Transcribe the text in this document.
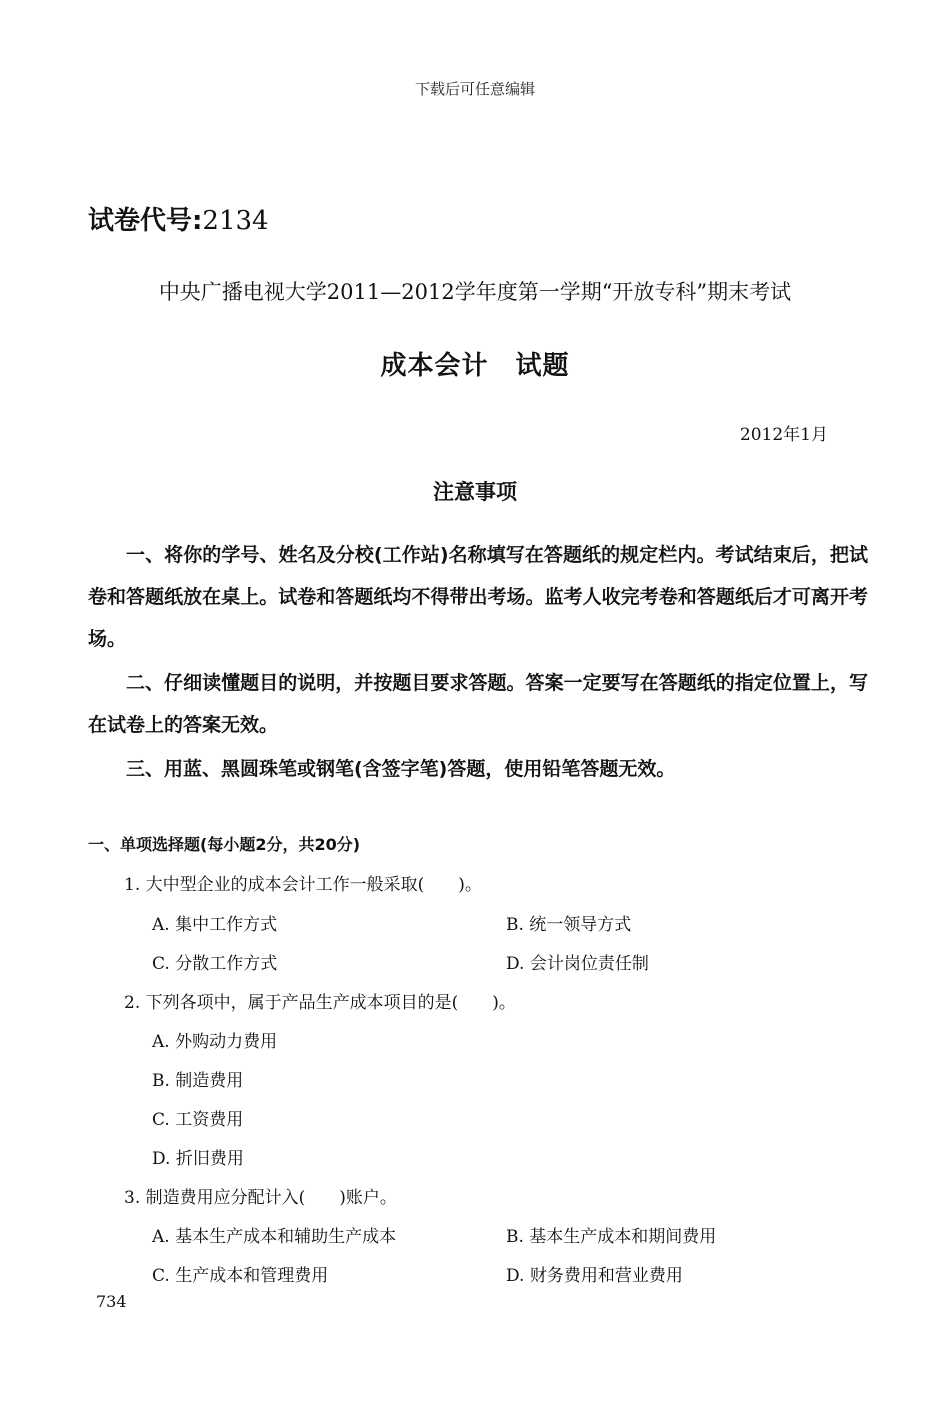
下载后可任意编辑
试卷代号:2134
中央广播电视大学2011—2012学年度第一学期“开放专科”期末考试
成本会计　试题
2012年1月
注意事项

一、将你的学号、姓名及分校(工作站)名称填写在答题纸的规定栏内。考试结束后，把试卷和答题纸放在桌上。试卷和答题纸均不得带出考场。监考人收完考卷和答题纸后才可离开考场。

二、仔细读懂题目的说明，并按题目要求答题。答案一定要写在答题纸的指定位置上，写在试卷上的答案无效。

三、用蓝、黑圆珠笔或钢笔(含签字笔)答题，使用铅笔答题无效。

一、单项选择题(每小题2分，共20分)
1. 大中型企业的成本会计工作一般采取(　　)。
A. 集中工作方式	B. 统一领导方式
C. 分散工作方式	D. 会计岗位责任制
2. 下列各项中，属于产品生产成本项目的是(　　)。
A. 外购动力费用
B. 制造费用
C. 工资费用
D. 折旧费用
3. 制造费用应分配计入(　　)账户。
A. 基本生产成本和辅助生产成本	B. 基本生产成本和期间费用
C. 生产成本和管理费用	D. 财务费用和营业费用
734
